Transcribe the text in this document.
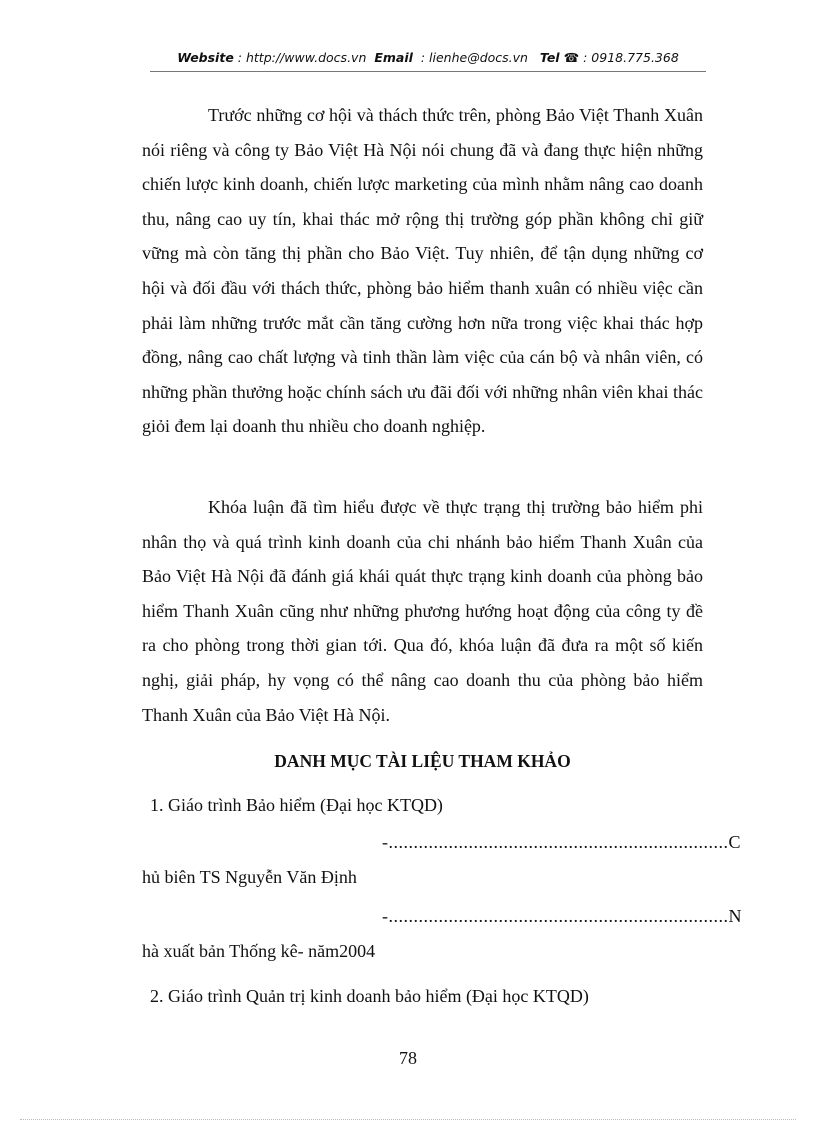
Website : http://www.docs.vn Email : lienhe@docs.vn Tel ☎ : 0918.775.368

Trước những cơ hội và thách thức trên, phòng Bảo Việt Thanh Xuân nói riêng và công ty Bảo Việt Hà Nội nói chung đã và đang thực hiện những chiến lược kinh doanh, chiến lược marketing của mình nhằm nâng cao doanh thu, nâng cao uy tín, khai thác mở rộng thị trường góp phần không chỉ giữ vững mà còn tăng thị phần cho Bảo Việt. Tuy nhiên, để tận dụng những cơ hội và đối đầu với thách thức, phòng bảo hiểm thanh xuân có nhiều việc cần phải làm những trước mắt cần tăng cường hơn nữa trong việc khai thác hợp đồng, nâng cao chất lượng và tinh thần làm việc của cán bộ và nhân viên, có những phần thưởng hoặc chính sách ưu đãi đối với những nhân viên khai thác giỏi đem lại doanh thu nhiều cho doanh nghiệp.

Khóa luận đã tìm hiểu được về thực trạng thị trường bảo hiểm phi nhân thọ và quá trình kinh doanh của chi nhánh bảo hiểm Thanh Xuân của Bảo Việt Hà Nội đã đánh giá khái quát thực trạng kinh doanh của phòng bảo hiểm Thanh Xuân cũng như những phương hướng hoạt động của công ty đề ra cho phòng trong thời gian tới. Qua đó, khóa luận đã đưa ra một số kiến nghị, giải pháp, hy vọng có thể nâng cao doanh thu của phòng bảo hiểm Thanh Xuân của Bảo Việt Hà Nội.

DANH MỤC TÀI LIỆU THAM KHẢO
1. Giáo trình Bảo hiểm (Đại học KTQD)
-....................................................................C
hủ biên TS Nguyễn Văn Định
-....................................................................N
hà xuất bản Thống kê- năm2004
2. Giáo trình Quản trị kinh doanh bảo hiểm (Đại học KTQD)
78
